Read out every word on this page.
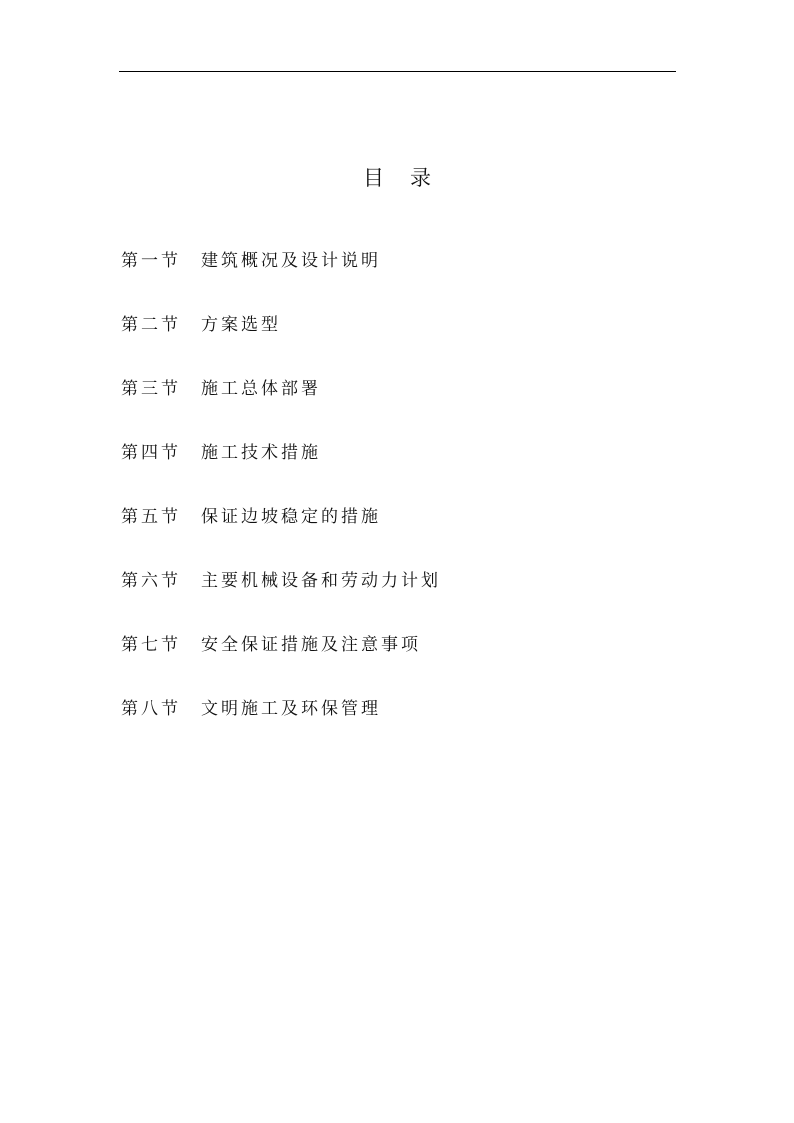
目录
第一节	建筑概况及设计说明
第二节	方案选型
第三节	施工总体部署
第四节	施工技术措施
第五节	保证边坡稳定的措施
第六节	主要机械设备和劳动力计划
第七节	安全保证措施及注意事项
第八节	文明施工及环保管理
